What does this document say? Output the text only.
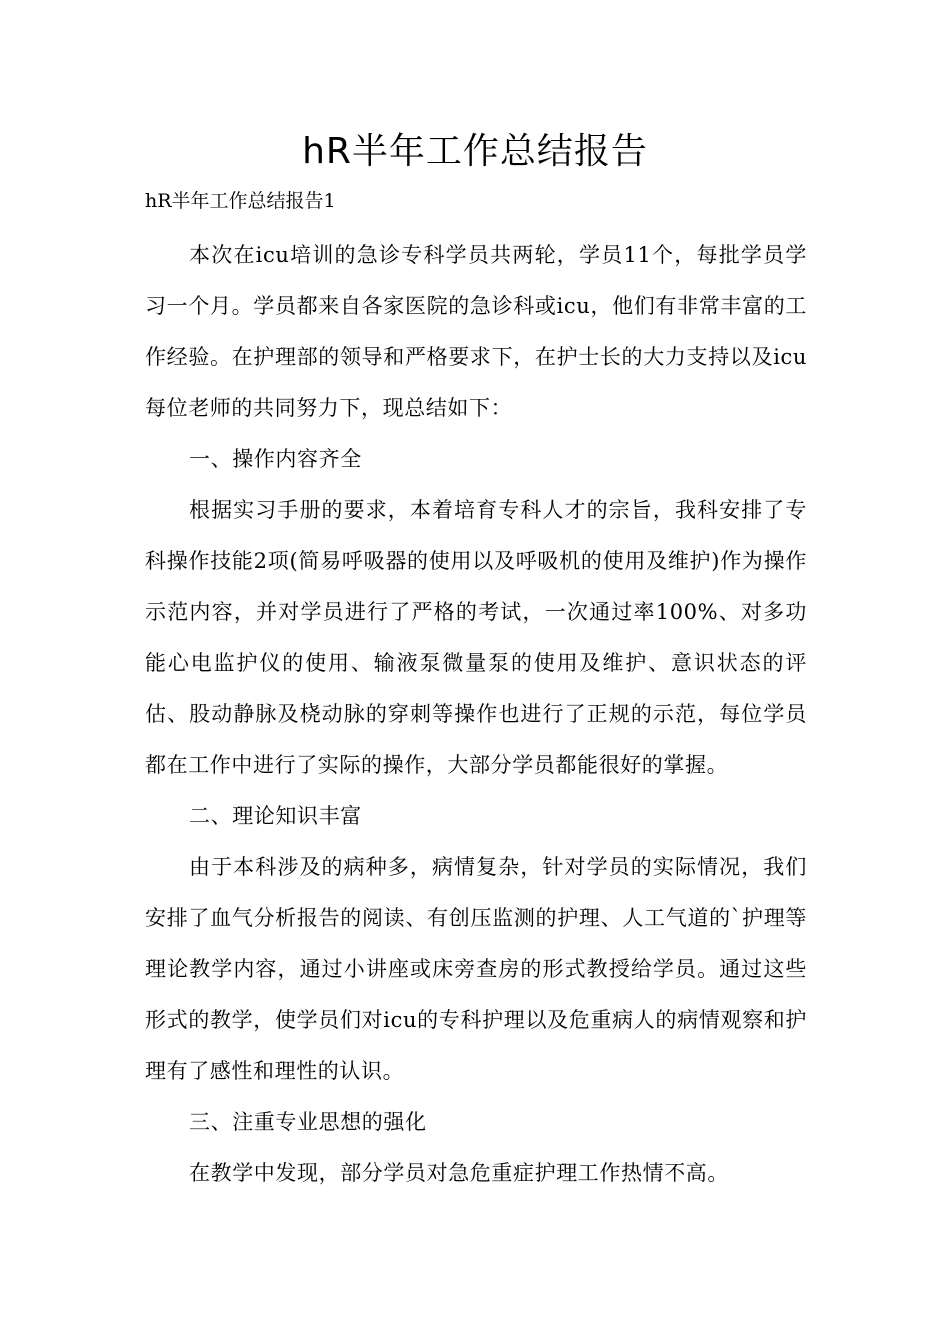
hR半年工作总结报告

hR半年工作总结报告1

本次在icu培训的急诊专科学员共两轮，学员11个，每批学员学习一个月。学员都来自各家医院的急诊科或icu，他们有非常丰富的工作经验。在护理部的领导和严格要求下，在护士长的大力支持以及icu每位老师的共同努力下，现总结如下：

一、操作内容齐全

根据实习手册的要求，本着培育专科人才的宗旨，我科安排了专科操作技能2项(简易呼吸器的使用以及呼吸机的使用及维护)作为操作示范内容，并对学员进行了严格的考试，一次通过率100%、对多功能心电监护仪的使用、输液泵微量泵的使用及维护、意识状态的评估、股动静脉及桡动脉的穿刺等操作也进行了正规的示范，每位学员都在工作中进行了实际的操作，大部分学员都能很好的掌握。

二、理论知识丰富

由于本科涉及的病种多，病情复杂，针对学员的实际情况，我们安排了血气分析报告的阅读、有创压监测的护理、人工气道的`护理等理论教学内容，通过小讲座或床旁查房的形式教授给学员。通过这些形式的教学，使学员们对icu的专科护理以及危重病人的病情观察和护理有了感性和理性的认识。

三、注重专业思想的强化

在教学中发现，部分学员对急危重症护理工作热情不高。
